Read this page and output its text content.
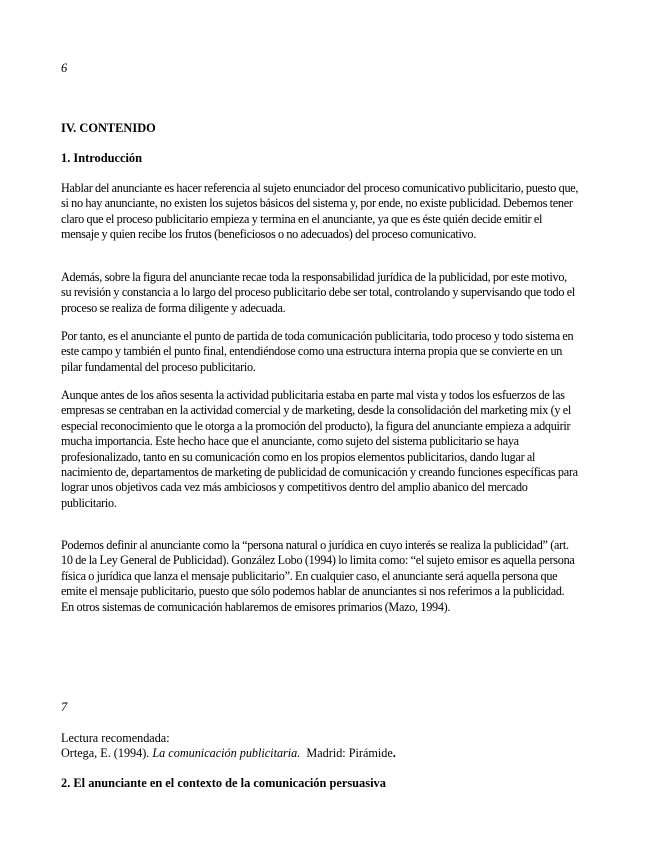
6
IV. CONTENIDO
1. Introducción

Hablar del anunciante es hacer referencia al sujeto enunciador del proceso comunicativo publicitario, puesto que, si no hay anunciante, no existen los sujetos básicos del sistema y, por ende, no existe publicidad. Debemos tener claro que el proceso publicitario empieza y termina en el anunciante, ya que es éste quién decide emitir el mensaje y quien recibe los frutos (beneficiosos o no adecuados) del proceso comunicativo.

Además, sobre la figura del anunciante recae toda la responsabilidad jurídica de la publicidad, por este motivo, su revisión y constancia a lo largo del proceso publicitario debe ser total, controlando y supervisando que todo el proceso se realiza de forma diligente y adecuada.

Por tanto, es el anunciante el punto de partida de toda comunicación publicitaria, todo proceso y todo sistema en este campo y también el punto final, entendiéndose como una estructura interna propia que se convierte en un pilar fundamental del proceso publicitario.

Aunque antes de los años sesenta la actividad publicitaria estaba en parte mal vista y todos los esfuerzos de las empresas se centraban en la actividad comercial y de marketing, desde la consolidación del marketing mix (y el especial reconocimiento que le otorga a la promoción del producto), la figura del anunciante empieza a adquirir mucha importancia. Este hecho hace que el anunciante, como sujeto del sistema publicitario se haya profesionalizado, tanto en su comunicación como en los propios elementos publicitarios, dando lugar al nacimiento de, departamentos de marketing de publicidad de comunicación y creando funciones específicas para lograr unos objetivos cada vez más ambiciosos y competitivos dentro del amplio abanico del mercado publicitario.

Podemos definir al anunciante como la “persona natural o jurídica en cuyo interés se realiza la publicidad” (art. 10 de la Ley General de Publicidad). González Lobo (1994) lo limita como: “el sujeto emisor es aquella persona física o jurídica que lanza el mensaje publicitario”. En cualquier caso, el anunciante será aquella persona que emite el mensaje publicitario, puesto que sólo podemos hablar de anunciantes si nos referimos a la publicidad. En otros sistemas de comunicación hablaremos de emisores primarios (Mazo, 1994).

7
Lectura recomendada:
Ortega, E. (1994). La comunicación publicitaria.  Madrid: Pirámide.
2. El anunciante en el contexto de la comunicación persuasiva
